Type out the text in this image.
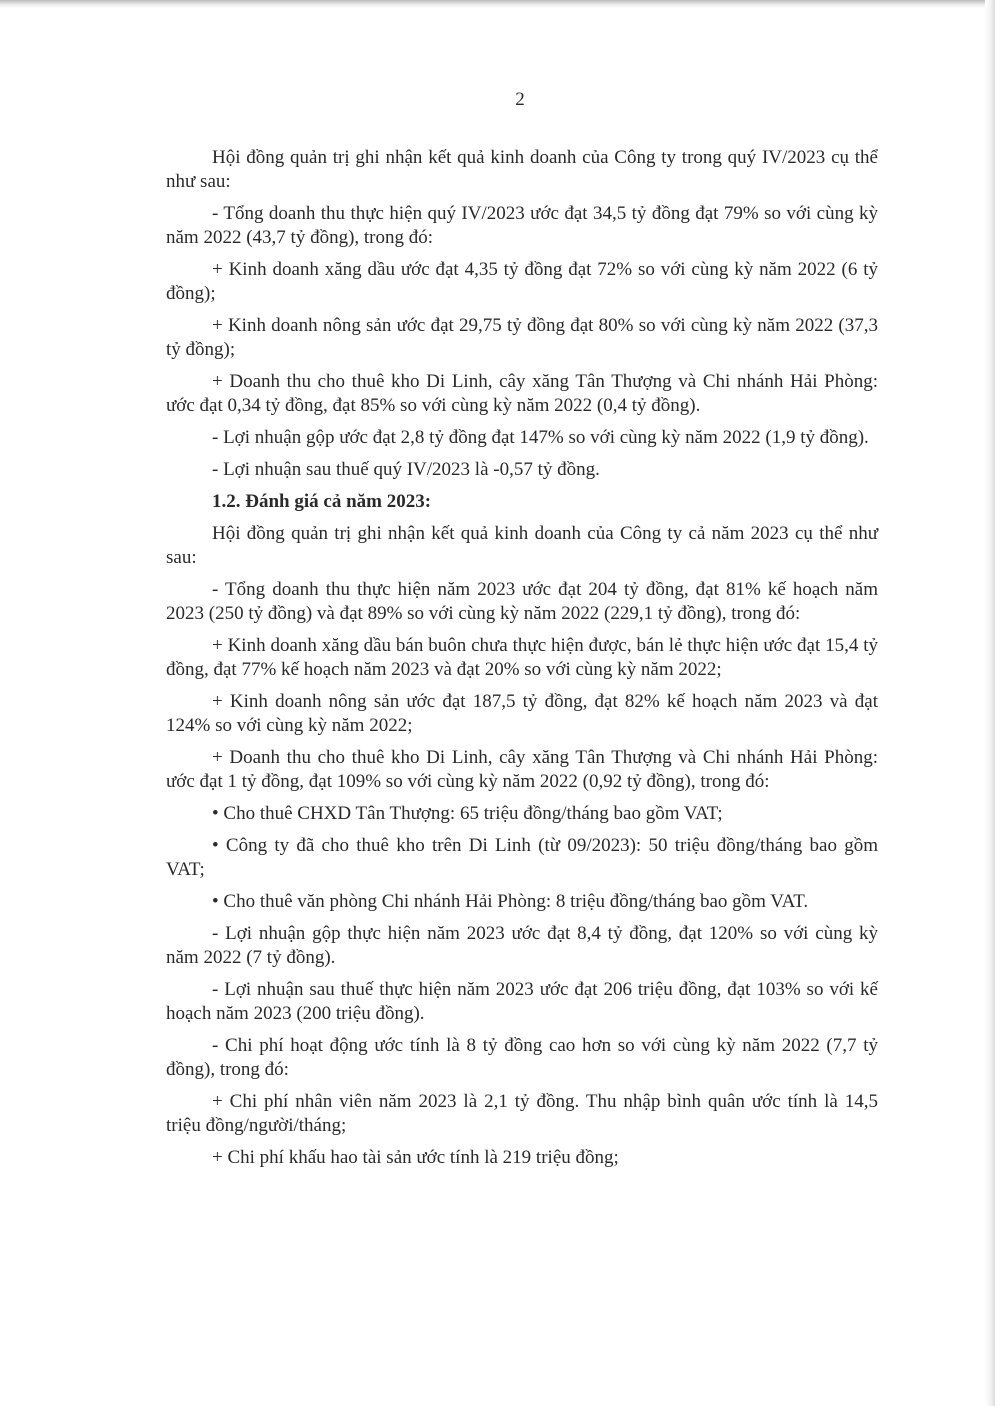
2

Hội đồng quản trị ghi nhận kết quả kinh doanh của Công ty trong quý IV/2023 cụ thể như sau:

- Tổng doanh thu thực hiện quý IV/2023 ước đạt 34,5 tỷ đồng đạt 79% so với cùng kỳ năm 2022 (43,7 tỷ đồng), trong đó:

+ Kinh doanh xăng dầu ước đạt 4,35 tỷ đồng đạt 72% so với cùng kỳ năm 2022 (6 tỷ đồng);

+ Kinh doanh nông sản ước đạt 29,75 tỷ đồng đạt 80% so với cùng kỳ năm 2022 (37,3 tỷ đồng);

+ Doanh thu cho thuê kho Di Linh, cây xăng Tân Thượng và Chi nhánh Hải Phòng: ước đạt 0,34 tỷ đồng, đạt 85% so với cùng kỳ năm 2022 (0,4 tỷ đồng).

- Lợi nhuận gộp ước đạt 2,8 tỷ đồng đạt 147% so với cùng kỳ năm 2022 (1,9 tỷ đồng).

- Lợi nhuận sau thuế quý IV/2023 là -0,57 tỷ đồng.

1.2. Đánh giá cả năm 2023:

Hội đồng quản trị ghi nhận kết quả kinh doanh của Công ty cả năm 2023 cụ thể như sau:

- Tổng doanh thu thực hiện năm 2023 ước đạt 204 tỷ đồng, đạt 81% kế hoạch năm 2023 (250 tỷ đồng) và đạt 89% so với cùng kỳ năm 2022 (229,1 tỷ đồng), trong đó:

+ Kinh doanh xăng dầu bán buôn chưa thực hiện được, bán lẻ thực hiện ước đạt 15,4 tỷ đồng, đạt 77% kế hoạch năm 2023 và đạt 20% so với cùng kỳ năm 2022;

+ Kinh doanh nông sản ước đạt 187,5 tỷ đồng, đạt 82% kế hoạch năm 2023 và đạt 124% so với cùng kỳ năm 2022;

+ Doanh thu cho thuê kho Di Linh, cây xăng Tân Thượng và Chi nhánh Hải Phòng: ước đạt 1 tỷ đồng, đạt 109% so với cùng kỳ năm 2022 (0,92 tỷ đồng), trong đó:

• Cho thuê CHXD Tân Thượng: 65 triệu đồng/tháng bao gồm VAT;

• Công ty đã cho thuê kho trên Di Linh (từ 09/2023): 50 triệu đồng/tháng bao gồm VAT;

• Cho thuê văn phòng Chi nhánh Hải Phòng: 8 triệu đồng/tháng bao gồm VAT.

- Lợi nhuận gộp thực hiện năm 2023 ước đạt 8,4 tỷ đồng, đạt 120% so với cùng kỳ năm 2022 (7 tỷ đồng).

- Lợi nhuận sau thuế thực hiện năm 2023 ước đạt 206 triệu đồng, đạt 103% so với kế hoạch năm 2023 (200 triệu đồng).

- Chi phí hoạt động ước tính là 8 tỷ đồng cao hơn so với cùng kỳ năm 2022 (7,7 tỷ đồng), trong đó:

+ Chi phí nhân viên năm 2023 là 2,1 tỷ đồng. Thu nhập bình quân ước tính là 14,5 triệu đồng/người/tháng;

+ Chi phí khấu hao tài sản ước tính là 219 triệu đồng;
